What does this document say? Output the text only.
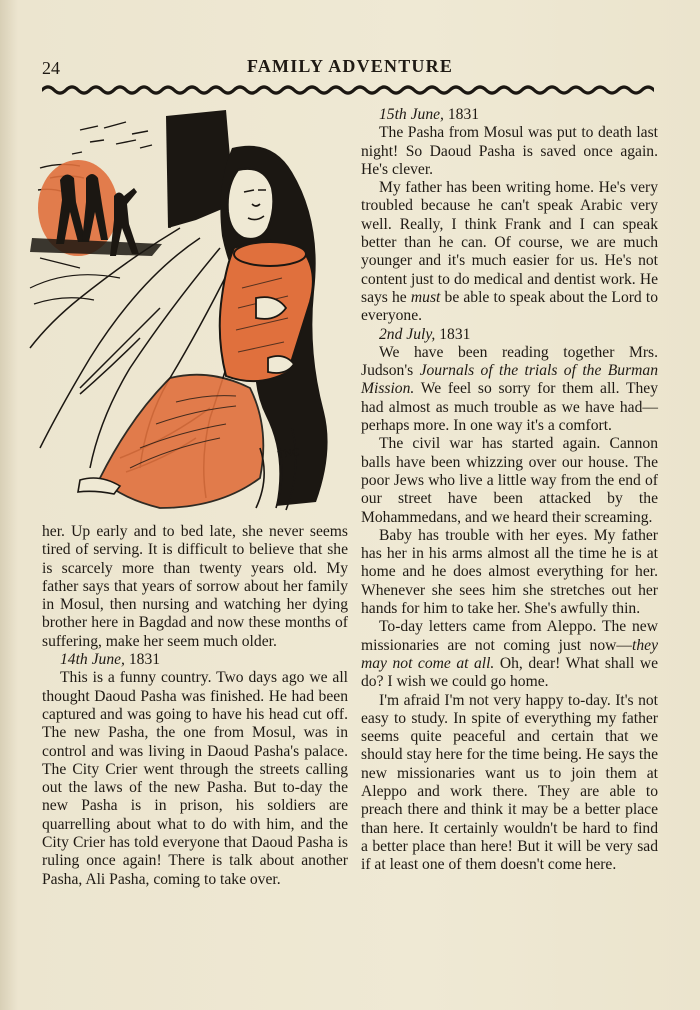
24	FAMILY ADVENTURE
TNC

her. Up early and to bed late, she never seems tired of serving. It is difficult to believe that she is scarcely more than twenty years old. My father says that years of sorrow about her family in Mosul, then nursing and watching her dying brother here in Bagdad and now these months of suffering, make her seem much older.

14th June, 1831

This is a funny country. Two days ago we all thought Daoud Pasha was finished. He had been captured and was going to have his head cut off. The new Pasha, the one from Mosul, was in control and was living in Daoud Pasha's palace. The City Crier went through the streets calling out the laws of the new Pasha. But to-day the new Pasha is in prison, his soldiers are quarrelling about what to do with him, and the City Crier has told everyone that Daoud Pasha is ruling once again! There is talk about another Pasha, Ali Pasha, coming to take over.

15th June, 1831

The Pasha from Mosul was put to death last night! So Daoud Pasha is saved once again. He's clever.

My father has been writing home. He's very troubled because he can't speak Arabic very well. Really, I think Frank and I can speak better than he can. Of course, we are much younger and it's much easier for us. He's not content just to do medical and dentist work. He says he must be able to speak about the Lord to everyone.

2nd July, 1831

We have been reading together Mrs. Judson's Journals of the trials of the Burman Mission. We feel so sorry for them all. They had almost as much trouble as we have had—perhaps more. In one way it's a comfort.

The civil war has started again. Cannon balls have been whizzing over our house. The poor Jews who live a little way from the end of our street have been attacked by the Mohammedans, and we heard their screaming.

Baby has trouble with her eyes. My father has her in his arms almost all the time he is at home and he does almost everything for her. Whenever she sees him she stretches out her hands for him to take her. She's awfully thin.

To-day letters came from Aleppo. The new missionaries are not coming just now—they may not come at all. Oh, dear! What shall we do? I wish we could go home.

I'm afraid I'm not very happy to-day. It's not easy to study. In spite of everything my father seems quite peaceful and certain that we should stay here for the time being. He says the new missionaries want us to join them at Aleppo and work there. They are able to preach there and think it may be a better place than here. It certainly wouldn't be hard to find a better place than here! But it will be very sad if at least one of them doesn't come here.
